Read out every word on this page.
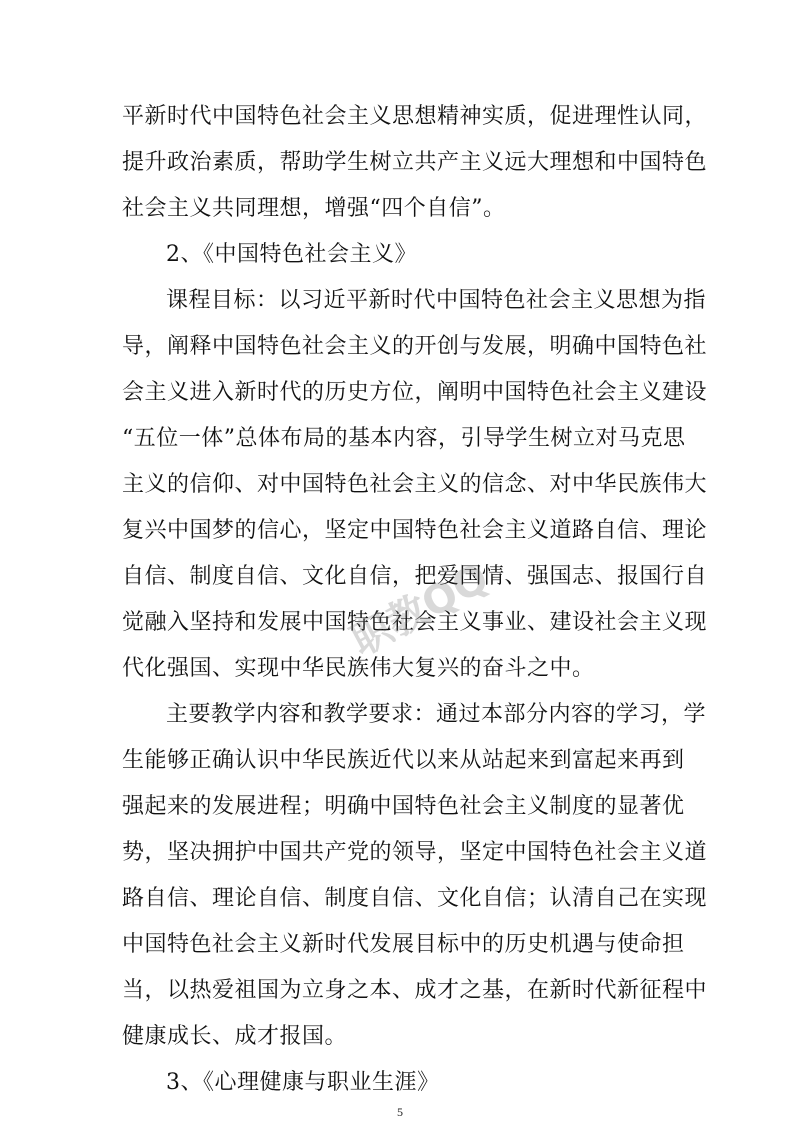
平新时代中国特色社会主义思想精神实质，促进理性认同，
提升政治素质，帮助学生树立共产主义远大理想和中国特色
社会主义共同理想，增强“四个自信”。
2、《中国特色社会主义》
课程目标：以习近平新时代中国特色社会主义思想为指
导，阐释中国特色社会主义的开创与发展，明确中国特色社
会主义进入新时代的历史方位，阐明中国特色社会主义建设
“五位一体”总体布局的基本内容，引导学生树立对马克思
主义的信仰、对中国特色社会主义的信念、对中华民族伟大
复兴中国梦的信心，坚定中国特色社会主义道路自信、理论
自信、制度自信、文化自信，把爱国情、强国志、报国行自
觉融入坚持和发展中国特色社会主义事业、建设社会主义现
代化强国、实现中华民族伟大复兴的奋斗之中。
主要教学内容和教学要求：通过本部分内容的学习，学
生能够正确认识中华民族近代以来从站起来到富起来再到
强起来的发展进程；明确中国特色社会主义制度的显著优
势，坚决拥护中国共产党的领导，坚定中国特色社会主义道
路自信、理论自信、制度自信、文化自信；认清自己在实现
中国特色社会主义新时代发展目标中的历史机遇与使命担
当，以热爱祖国为立身之本、成才之基，在新时代新征程中
健康成长、成才报国。
3、《心理健康与职业生涯》
职教QQ
5
